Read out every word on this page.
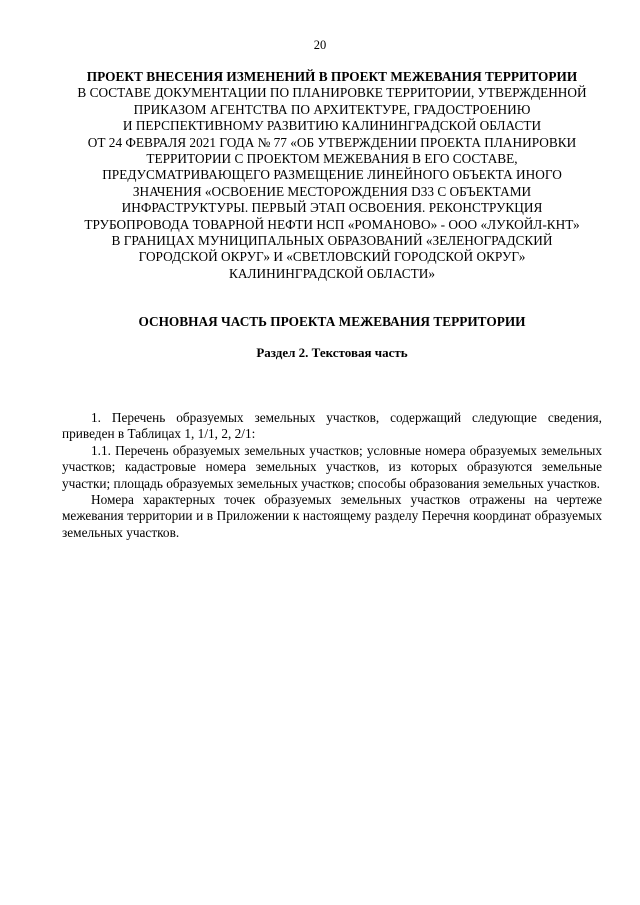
20
ПРОЕКТ ВНЕСЕНИЯ ИЗМЕНЕНИЙ В ПРОЕКТ МЕЖЕВАНИЯ ТЕРРИТОРИИ
В СОСТАВЕ ДОКУМЕНТАЦИИ ПО ПЛАНИРОВКЕ ТЕРРИТОРИИ, УТВЕРЖДЕННОЙ
ПРИКАЗОМ АГЕНТСТВА ПО АРХИТЕКТУРЕ, ГРАДОСТРОЕНИЮ
И ПЕРСПЕКТИВНОМУ РАЗВИТИЮ КАЛИНИНГРАДСКОЙ ОБЛАСТИ
ОТ 24 ФЕВРАЛЯ 2021 ГОДА № 77 «ОБ УТВЕРЖДЕНИИ ПРОЕКТА ПЛАНИРОВКИ
ТЕРРИТОРИИ С ПРОЕКТОМ МЕЖЕВАНИЯ В ЕГО СОСТАВЕ,
ПРЕДУСМАТРИВАЮЩЕГО РАЗМЕЩЕНИЕ ЛИНЕЙНОГО ОБЪЕКТА ИНОГО
ЗНАЧЕНИЯ «ОСВОЕНИЕ МЕСТОРОЖДЕНИЯ D33 С ОБЪЕКТАМИ
ИНФРАСТРУКТУРЫ. ПЕРВЫЙ ЭТАП ОСВОЕНИЯ. РЕКОНСТРУКЦИЯ
ТРУБОПРОВОДА ТОВАРНОЙ НЕФТИ НСП «РОМАНОВО» - ООО «ЛУКОЙЛ-КНТ»
В ГРАНИЦАХ МУНИЦИПАЛЬНЫХ ОБРАЗОВАНИЙ «ЗЕЛЕНОГРАДСКИЙ
ГОРОДСКОЙ ОКРУГ» И «СВЕТЛОВСКИЙ ГОРОДСКОЙ ОКРУГ»
КАЛИНИНГРАДСКОЙ ОБЛАСТИ»
ОСНОВНАЯ ЧАСТЬ ПРОЕКТА МЕЖЕВАНИЯ ТЕРРИТОРИИ
Раздел 2. Текстовая часть

1. Перечень образуемых земельных участков, содержащий следующие сведения, приведен в Таблицах 1, 1/1, 2, 2/1:

1.1. Перечень образуемых земельных участков; условные номера образуемых земельных участков; кадастровые номера земельных участков, из которых образуются земельные участки; площадь образуемых земельных участков; способы образования земельных участков.

Номера характерных точек образуемых земельных участков отражены на чертеже межевания территории и в Приложении к настоящему разделу Перечня координат образуемых земельных участков.
